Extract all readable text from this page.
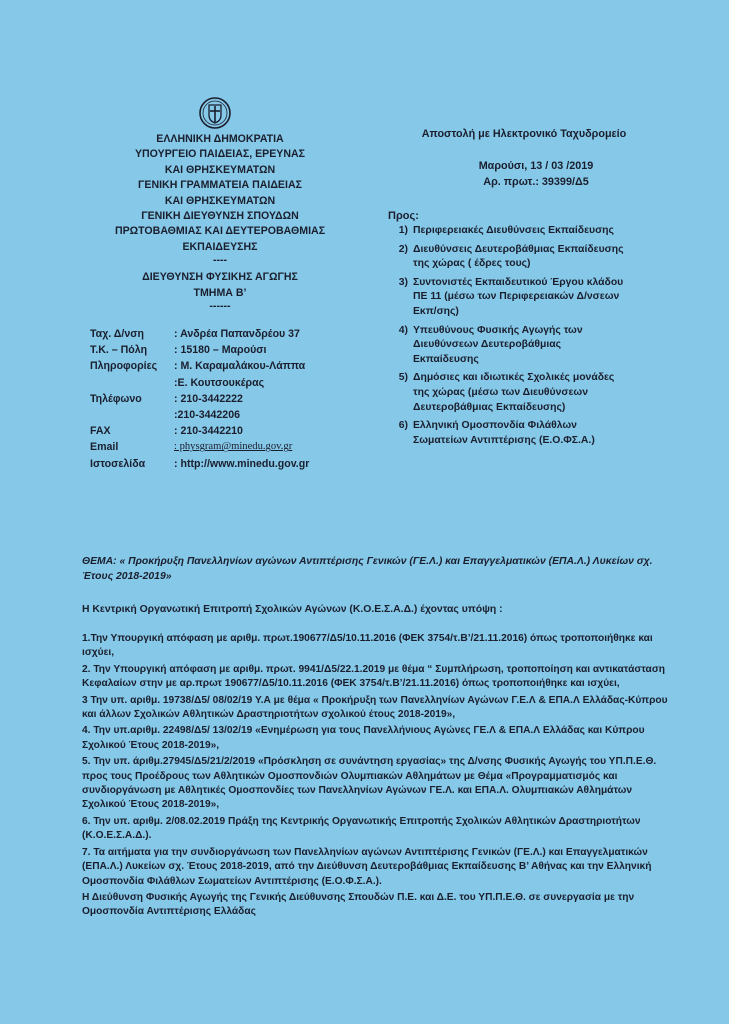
ΕΛΛΗΝΙΚΗ ΔΗΜΟΚΡΑΤΙΑ
ΥΠΟΥΡΓΕΙΟ ΠΑΙΔΕΙΑΣ, ΕΡΕΥΝΑΣ
ΚΑΙ ΘΡΗΣΚΕΥΜΑΤΩΝ
ΓΕΝΙΚΗ ΓΡΑΜΜΑΤΕΙΑ ΠΑΙΔΕΙΑΣ
ΚΑΙ ΘΡΗΣΚΕΥΜΑΤΩΝ
ΓΕΝΙΚΗ ΔΙΕΥΘΥΝΣΗ ΣΠΟΥΔΩΝ
ΠΡΩΤΟΒΑΘΜΙΑΣ ΚΑΙ ΔΕΥΤΕΡΟΒΑΘΜΙΑΣ
ΕΚΠΑΙΔΕΥΣΗΣ
----
ΔΙΕΥΘΥΝΣΗ ΦΥΣΙΚΗΣ ΑΓΩΓΗΣ
ΤΜΗΜΑ Β’
------
Αποστολή με Ηλεκτρονικό Ταχυδρομείο
Μαρούσι, 13 / 03 /2019
Αρ. πρωτ.: 39399/Δ5
Προς:
1) Περιφερειακές Διευθύνσεις Εκπαίδευσης
2) Διευθύνσεις Δευτεροβάθμιας Εκπαίδευσης της χώρας ( έδρες τους)
3) Συντονιστές Εκπαιδευτικού Έργου κλάδου ΠΕ 11 (μέσω των Περιφερειακών Δ/νσεων Εκπ/σης)
4) Υπευθύνους Φυσικής Αγωγής των Διευθύνσεων Δευτεροβάθμιας Εκπαίδευσης
5) Δημόσιες και ιδιωτικές Σχολικές μονάδες της χώρας (μέσω των Διευθύνσεων Δευτεροβάθμιας Εκπαίδευσης)
6) Ελληνική Ομοσπονδία Φιλάθλων Σωματείων Αντιπτέρισης (Ε.Ο.ΦΣ.Α.)
Ταχ. Δ/νση	: Ανδρέα Παπανδρέου 37
Τ.Κ. – Πόλη	: 15180 – Μαρούσι
Πληροφορίες	: Μ. Καραμαλάκου-Λάππα
:Ε. Κουτσουκέρας
Τηλέφωνο	: 210-3442222
:210-3442206
FAX	: 210-3442210
Email	: physgram@minedu.gov.gr
Ιστοσελίδα	: http://www.minedu.gov.gr
ΘΕΜΑ: « Προκήρυξη Πανελληνίων αγώνων Αντιπτέρισης Γενικών (ΓΕ.Λ.) και Επαγγελματικών (ΕΠΑ.Λ.) Λυκείων σχ. Έτους 2018-2019»
Η Κεντρική Οργανωτική Επιτροπή Σχολικών Αγώνων (Κ.Ο.Ε.Σ.Α.Δ.) έχοντας υπόψη :

1.Την Υπουργική απόφαση με αριθμ. πρωτ.190677/Δ5/10.11.2016 (ΦΕΚ 3754/τ.Β’/21.11.2016) όπως τροποποιήθηκε και ισχύει,

2. Την Υπουργική απόφαση με αριθμ. πρωτ. 9941/Δ5/22.1.2019 με θέμα “ Συμπλήρωση, τροποποίηση και αντικατάσταση Κεφαλαίων στην με αρ.πρωτ 190677/Δ5/10.11.2016 (ΦΕΚ 3754/τ.Β’/21.11.2016) όπως τροποποιήθηκε και ισχύει,

3 Την υπ. αριθμ. 19738/Δ5/ 08/02/19 Υ.Α με θέμα « Προκήρυξη των Πανελληνίων Αγώνων Γ.Ε.Λ & ΕΠΑ.Λ Ελλάδας-Κύπρου και άλλων Σχολικών Αθλητικών Δραστηριοτήτων σχολικού έτους 2018-2019»,

4. Την υπ.αριθμ. 22498/Δ5/ 13/02/19 «Ενημέρωση για τους Πανελλήνιους Αγώνες ΓΕ.Λ & ΕΠΑ.Λ Ελλάδας και Κύπρου Σχολικού Έτους 2018-2019»,

5. Την υπ. άριθμ.27945/Δ5/21/2/2019 «Πρόσκληση σε συνάντηση εργασίας» της Δ/νσης Φυσικής Αγωγής του ΥΠ.Π.Ε.Θ. προς τους Προέδρους των Αθλητικών Ομοσπονδιών Ολυμπιακών Αθλημάτων με Θέμα «Προγραμματισμός και συνδιοργάνωση με Αθλητικές Ομοσπονδίες των Πανελληνίων Αγώνων ΓΕ.Λ. και ΕΠΑ.Λ. Ολυμπιακών Αθλημάτων Σχολικού Έτους 2018-2019»,

6. Την υπ. αριθμ. 2/08.02.2019 Πράξη της Κεντρικής Οργανωτικής Επιτροπής Σχολικών Αθλητικών Δραστηριοτήτων (Κ.Ο.Ε.Σ.Α.Δ.).

7. Τα αιτήματα για την συνδιοργάνωση των Πανελληνίων αγώνων Αντιπτέρισης Γενικών (ΓΕ.Λ.) και Επαγγελματικών (ΕΠΑ.Λ.) Λυκείων σχ. Έτους 2018-2019, από την Διεύθυνση Δευτεροβάθμιας Εκπαίδευσης Β’ Αθήνας και την Ελληνική Ομοσπονδία Φιλάθλων Σωματείων Αντιπτέρισης (Ε.Ο.Φ.Σ.Α.).

Η Διεύθυνση Φυσικής Αγωγής της Γενικής Διεύθυνσης Σπουδών Π.Ε. και Δ.Ε. του ΥΠ.Π.Ε.Θ. σε συνεργασία με την Ομοσπονδία Αντιπτέρισης Ελλάδας
